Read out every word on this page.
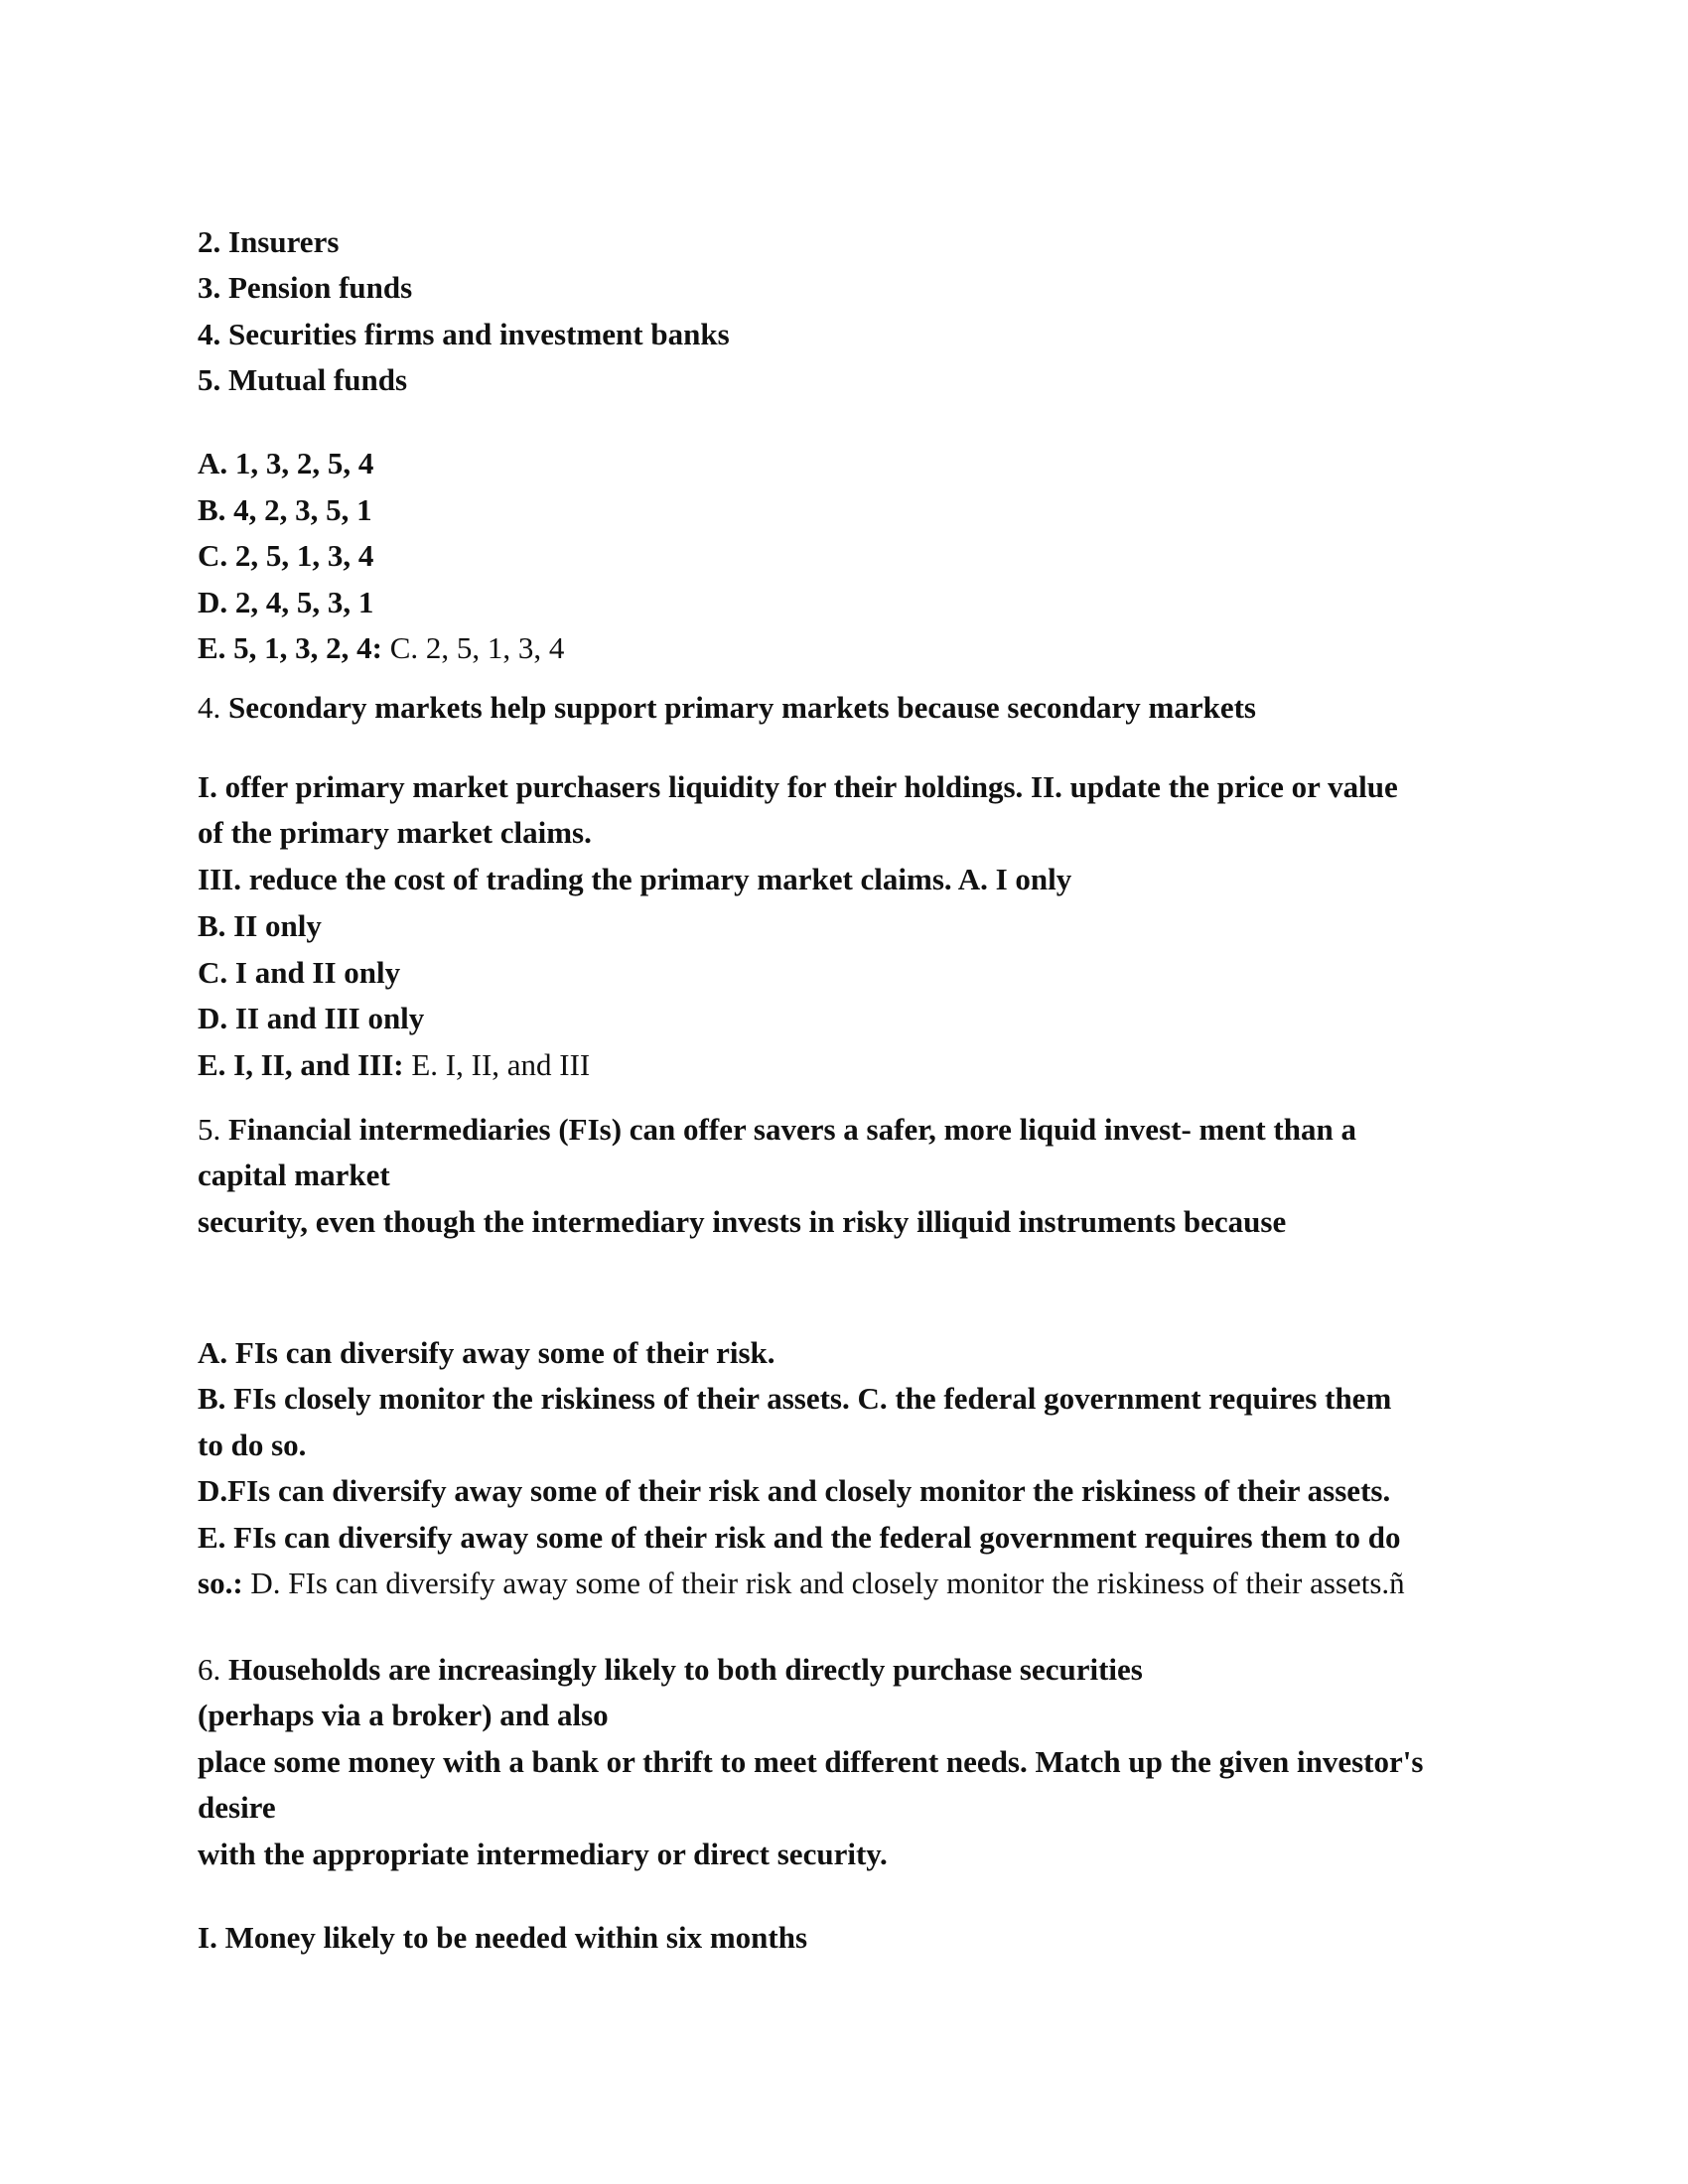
2. Insurers
3. Pension funds
4. Securities firms and investment banks
5. Mutual funds
A. 1, 3, 2, 5, 4
B. 4, 2, 3, 5, 1
C. 2, 5, 1, 3, 4
D. 2, 4, 5, 3, 1
E. 5, 1, 3, 2, 4: C. 2, 5, 1, 3, 4
4. Secondary markets help support primary markets because secondary markets
I. offer primary market purchasers liquidity for their holdings. II. update the price or value
of the primary market claims.
III. reduce the cost of trading the primary market claims. A. I only
B. II only
C. I and II only
D. II and III only
E. I, II, and III: E. I, II, and III
5. Financial intermediaries (FIs) can offer savers a safer, more liquid invest- ment than a
capital market
security, even though the intermediary invests in risky illiquid instruments because
A. FIs can diversify away some of their risk.
B. FIs closely monitor the riskiness of their assets. C. the federal government requires them
to do so.
D.FIs can diversify away some of their risk and closely monitor the riskiness of their assets.
E. FIs can diversify away some of their risk and the federal government requires them to do
so.: D. FIs can diversify away some of their risk and closely monitor the riskiness of their assets.ñ
6. Households are increasingly likely to both directly purchase securities
(perhaps via a broker) and also
place some money with a bank or thrift to meet different needs. Match up the given investor's
desire
with the appropriate intermediary or direct security.
I. Money likely to be needed within six months
